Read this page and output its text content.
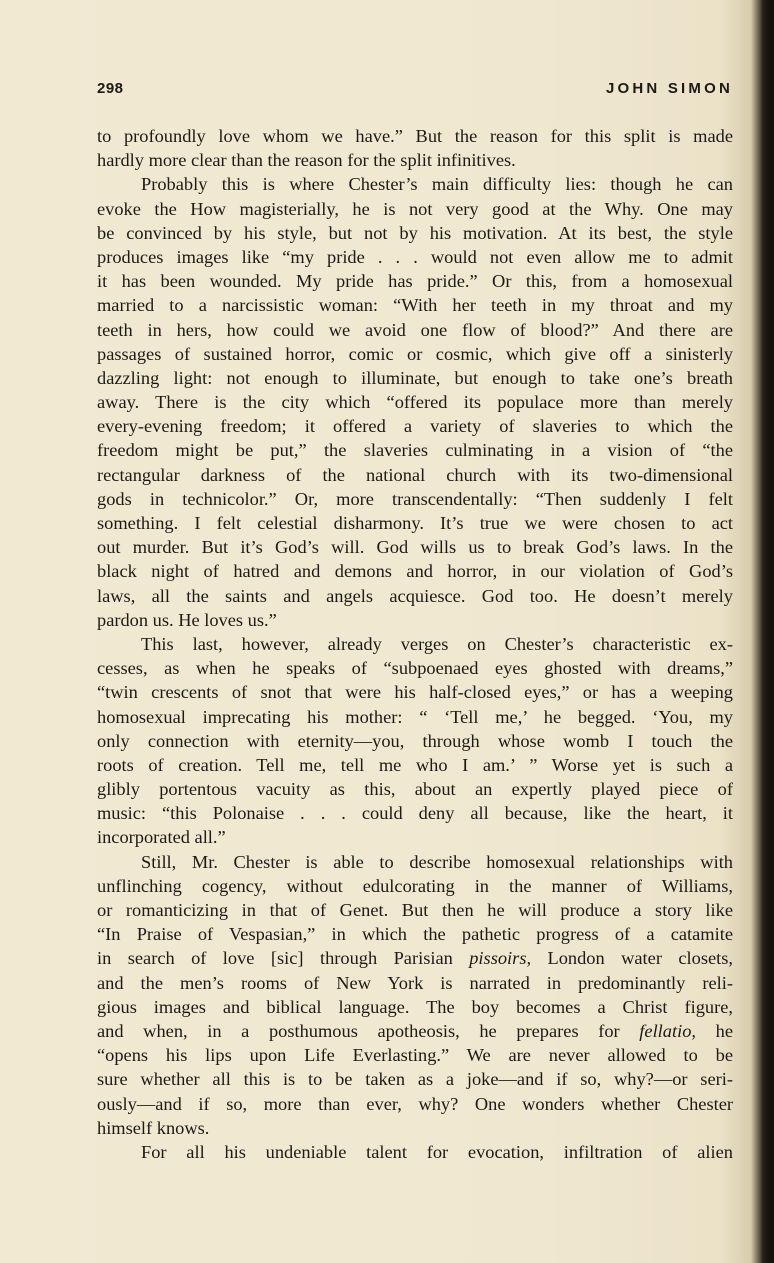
298	JOHN SIMON
to profoundly love whom we have.” But the reason for this split is made
hardly more clear than the reason for the split infinitives.
Probably this is where Chester’s main difficulty lies: though he can
evoke the How magisterially, he is not very good at the Why. One may
be convinced by his style, but not by his motivation. At its best, the style
produces images like “my pride . . . would not even allow me to admit
it has been wounded. My pride has pride.” Or this, from a homosexual
married to a narcissistic woman: “With her teeth in my throat and my
teeth in hers, how could we avoid one flow of blood?” And there are
passages of sustained horror, comic or cosmic, which give off a sinisterly
dazzling light: not enough to illuminate, but enough to take one’s breath
away. There is the city which “offered its populace more than merely
every-evening freedom; it offered a variety of slaveries to which the
freedom might be put,” the slaveries culminating in a vision of “the
rectangular darkness of the national church with its two-dimensional
gods in technicolor.” Or, more transcendentally: “Then suddenly I felt
something. I felt celestial disharmony. It’s true we were chosen to act
out murder. But it’s God’s will. God wills us to break God’s laws. In the
black night of hatred and demons and horror, in our violation of God’s
laws, all the saints and angels acquiesce. God too. He doesn’t merely
pardon us. He loves us.”
This last, however, already verges on Chester’s characteristic ex-
cesses, as when he speaks of “subpoenaed eyes ghosted with dreams,”
“twin crescents of snot that were his half-closed eyes,” or has a weeping
homosexual imprecating his mother: “ ‘Tell me,’ he begged. ‘You, my
only connection with eternity—you, through whose womb I touch the
roots of creation. Tell me, tell me who I am.’ ” Worse yet is such a
glibly portentous vacuity as this, about an expertly played piece of
music: “this Polonaise . . . could deny all because, like the heart, it
incorporated all.”
Still, Mr. Chester is able to describe homosexual relationships with
unflinching cogency, without edulcorating in the manner of Williams,
or romanticizing in that of Genet. But then he will produce a story like
“In Praise of Vespasian,” in which the pathetic progress of a catamite
in search of love [sic] through Parisian pissoirs, London water closets,
and the men’s rooms of New York is narrated in predominantly reli-
gious images and biblical language. The boy becomes a Christ figure,
and when, in a posthumous apotheosis, he prepares for fellatio, he
“opens his lips upon Life Everlasting.” We are never allowed to be
sure whether all this is to be taken as a joke—and if so, why?—or seri-
ously—and if so, more than ever, why? One wonders whether Chester
himself knows.
For all his undeniable talent for evocation, infiltration of alien
